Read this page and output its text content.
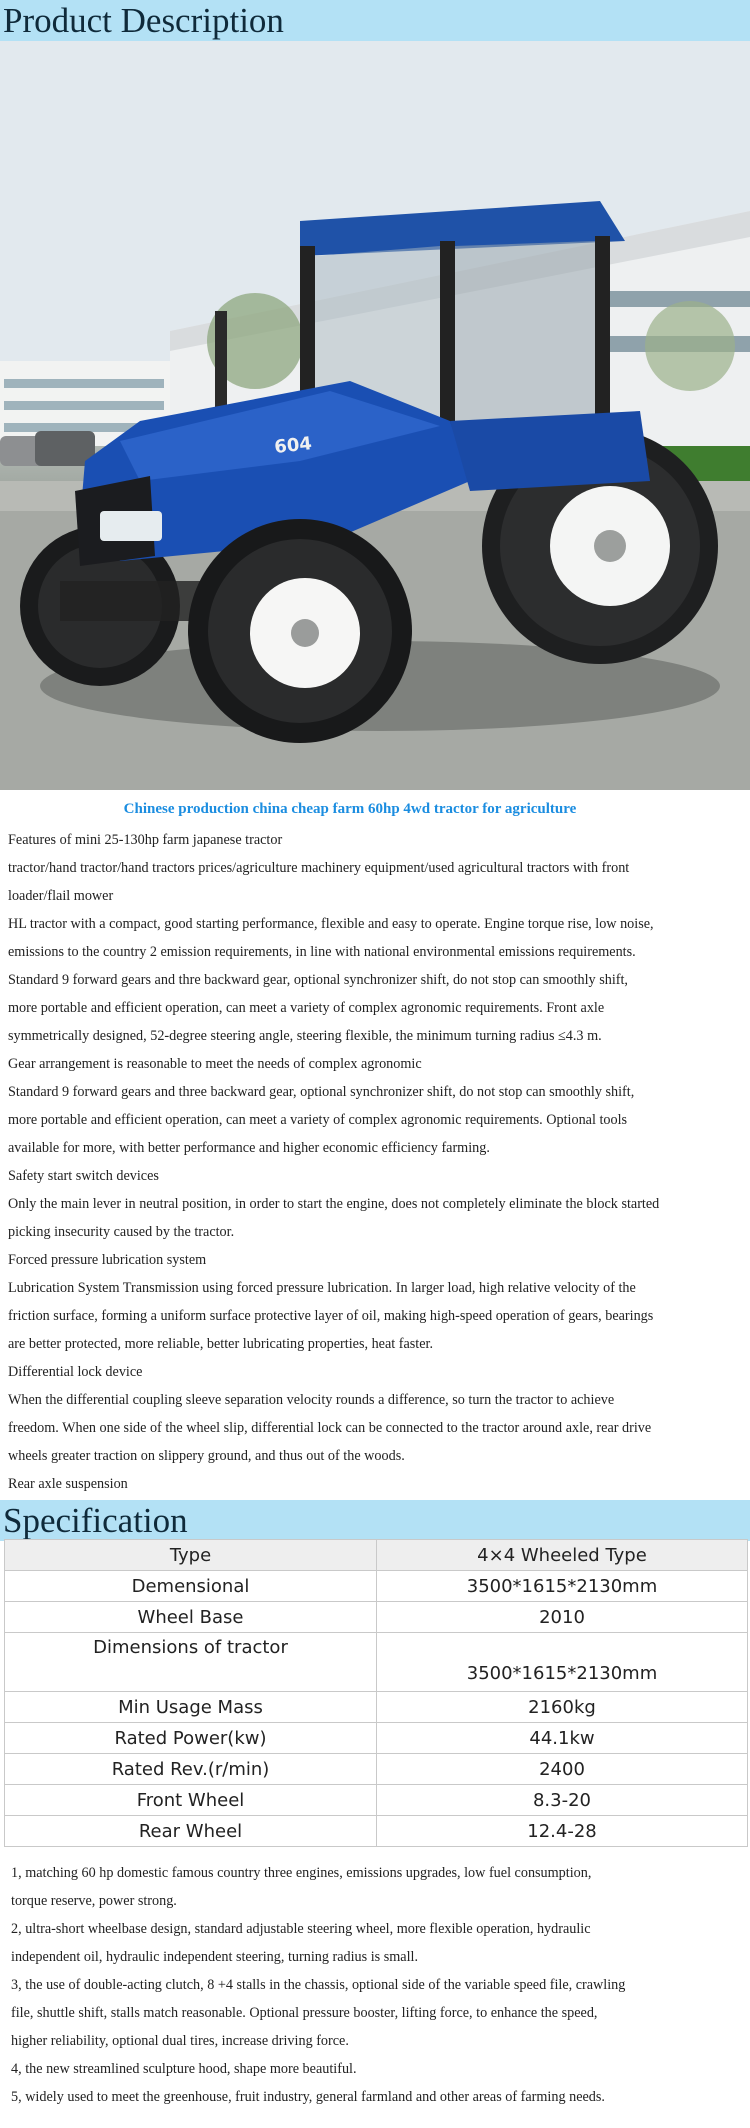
Product Description
604
Chinese production china cheap farm 60hp 4wd tractor for agriculture
Features of mini 25-130hp farm japanese tractor
tractor/hand tractor/hand tractors prices/agriculture machinery equipment/used agricultural tractors with front
loader/flail mower
HL tractor with a compact, good starting performance, flexible and easy to operate. Engine torque rise, low noise,
emissions to the country 2 emission requirements, in line with national environmental emissions requirements.
Standard 9 forward gears and thre backward gear, optional synchronizer shift, do not stop can smoothly shift,
more portable and efficient operation, can meet a variety of complex agronomic requirements. Front axle
symmetrically designed, 52-degree steering angle, steering flexible, the minimum turning radius ≤4.3 m.
Gear arrangement is reasonable to meet the needs of complex agronomic
Standard 9 forward gears and three backward gear, optional synchronizer shift, do not stop can smoothly shift,
more portable and efficient operation, can meet a variety of complex agronomic requirements. Optional tools
available for more, with better performance and higher economic efficiency farming.
Safety start switch devices
Only the main lever in neutral position, in order to start the engine, does not completely eliminate the block started
picking insecurity caused by the tractor.
Forced pressure lubrication system
Lubrication System Transmission using forced pressure lubrication. In larger load, high relative velocity of the
friction surface, forming a uniform surface protective layer of oil, making high-speed operation of gears, bearings
are better protected, more reliable, better lubricating properties, heat faster.
Differential lock device
When the differential coupling sleeve separation velocity rounds a difference, so turn the tractor to achieve
freedom. When one side of the wheel slip, differential lock can be connected to the tractor around axle, rear drive
wheels greater traction on slippery ground, and thus out of the woods.
Rear axle suspension
Specification
Type	4×4 Wheeled Type
Demensional	3500*1615*2130mm
Wheel Base	2010
Dimensions of tractor	3500*1615*2130mm
Min Usage Mass	2160kg
Rated Power(kw)	44.1kw
Rated Rev.(r/min)	2400
Front Wheel	8.3-20
Rear Wheel	12.4-28
1, matching 60 hp domestic famous country three engines, emissions upgrades, low fuel consumption,
torque reserve, power strong.
2, ultra-short wheelbase design, standard adjustable steering wheel, more flexible operation, hydraulic
independent oil, hydraulic independent steering, turning radius is small.
3, the use of double-acting clutch, 8 +4 stalls in the chassis, optional side of the variable speed file, crawling
file, shuttle shift, stalls match reasonable. Optional pressure booster, lifting force, to enhance the speed,
higher reliability, optional dual tires, increase driving force.
4, the new streamlined sculpture hood, shape more beautiful.
5, widely used to meet the greenhouse, fruit industry, general farmland and other areas of farming needs.
